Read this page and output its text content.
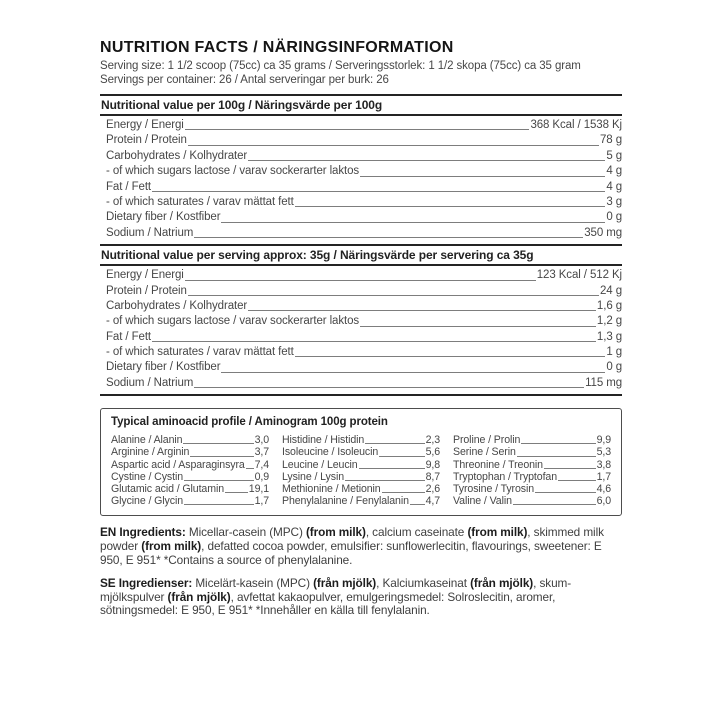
NUTRITION FACTS / NÄRINGSINFORMATION
Serving size: 1 1/2 scoop (75cc) ca 35 grams / Serveringsstorlek: 1 1/2 skopa (75cc) ca 35 gram
Servings per container: 26 / Antal serveringar per burk: 26
Nutritional value per 100g / Näringsvärde per 100g
Energy / Energi	368 Kcal / 1538 Kj
Protein / Protein	78 g
Carbohydrates / Kolhydrater	5 g
- of which sugars lactose / varav sockerarter laktos	4 g
Fat / Fett	4 g
- of which saturates / varav mättat fett	3 g
Dietary fiber / Kostfiber	0 g
Sodium / Natrium	350 mg
Nutritional value per serving approx: 35g / Näringsvärde per servering ca 35g
Energy / Energi	123 Kcal / 512 Kj
Protein / Protein	24 g
Carbohydrates / Kolhydrater	1,6 g
- of which sugars lactose / varav sockerarter laktos	1,2 g
Fat / Fett	1,3 g
- of which saturates / varav mättat fett	1 g
Dietary fiber / Kostfiber	0 g
Sodium / Natrium	115 mg
Typical aminoacid profile / Aminogram 100g protein
Alanine / Alanin	3,0
Arginine / Arginin	3,7
Aspartic acid / Asparaginsyra 7,4
Cystine / Cystin	0,9
Glutamic acid / Glutamin 19,1
Glycine / Glycin	1,7
Histidine / Histidin	2,3
Isoleucine / Isoleucin	5,6
Leucine / Leucin	9,8
Lysine / Lysin	8,7
Methionine / Metionin	2,6
Phenylalanine / Fenylalanin 4,7
Proline / Prolin	9,9
Serine / Serin	5,3
Threonine / Treonin	3,8
Tryptophan / Tryptofan	1,7
Tyrosine / Tyrosin	4,6
Valine / Valin	6,0

EN Ingredients: Micellar-casein (MPC) (from milk), calcium caseinate (from milk), skimmed milk powder (from milk), defatted cocoa powder, emulsifier: sunflowerlecitin, flavourings, sweetener: E 950, E 951* *Contains a source of phenylalanine.

SE Ingredienser: Micelärt-kasein (MPC) (från mjölk), Kalciumkaseinat (från mjölk), skum-mjölkspulver (från mjölk), avfettat kakaopulver, emulgeringsmedel: Solroslecitin, aromer, sötningsmedel: E 950, E 951* *Innehåller en källa till fenylalanin.
